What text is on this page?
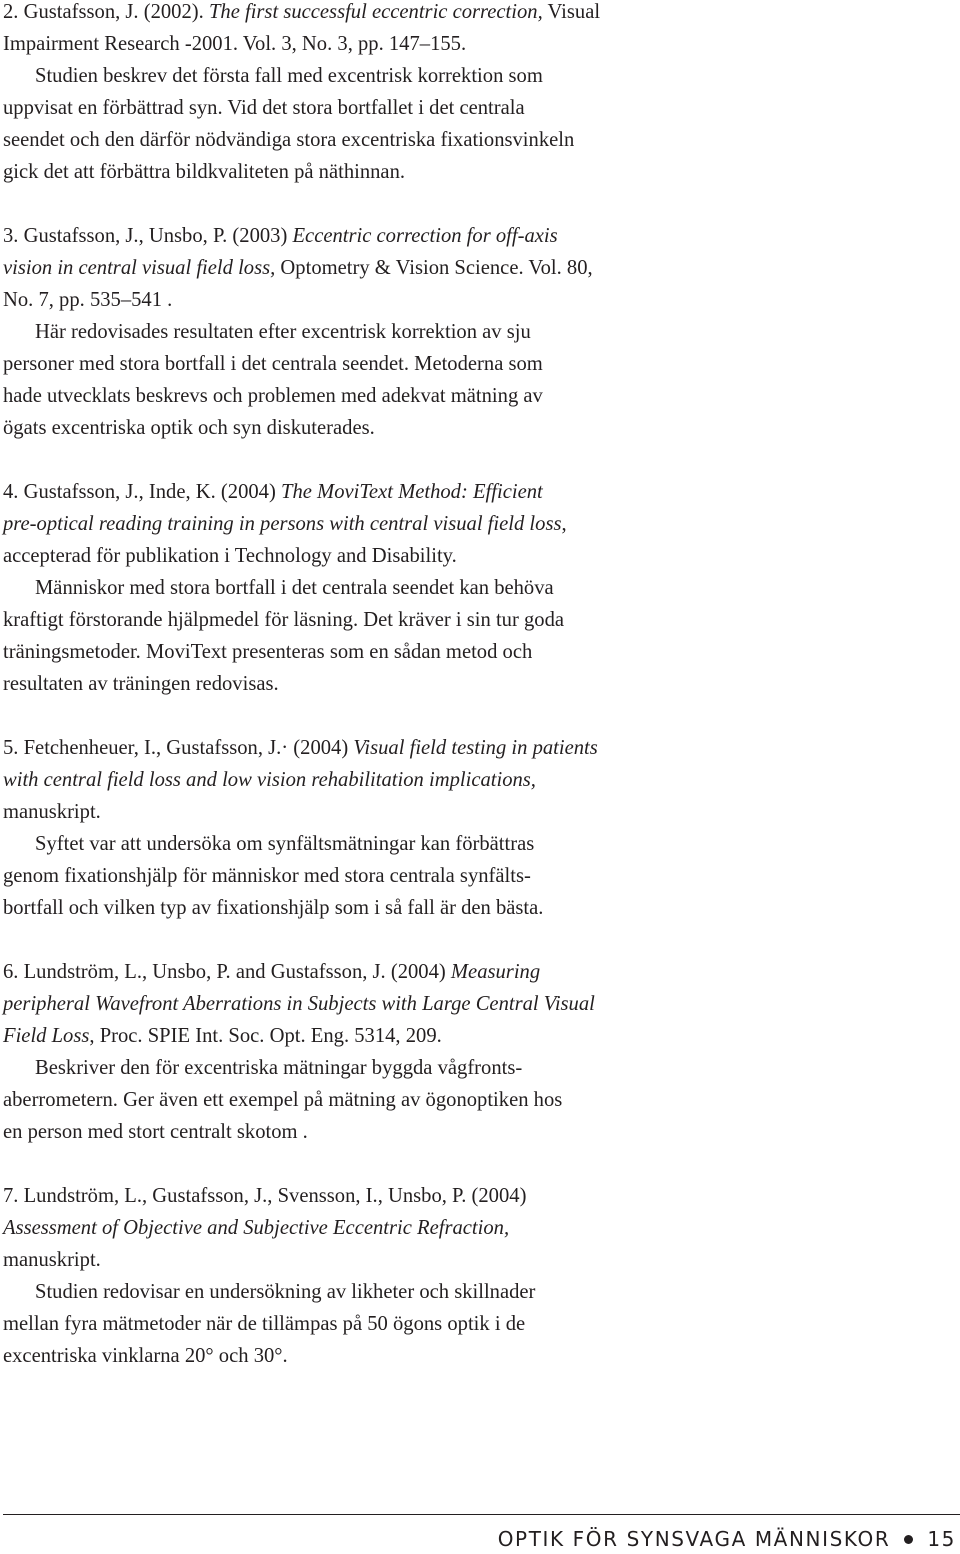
2. Gustafsson, J. (2002). The first successful eccentric correction, Visual
Impairment Research -2001. Vol. 3, No. 3, pp. 147–155.
Studien beskrev det första fall med excentrisk korrektion som
uppvisat en förbättrad syn. Vid det stora bortfallet i det centrala
seendet och den därför nödvändiga stora excentriska fixationsvinkeln
gick det att förbättra bildkvaliteten på näthinnan.
3. Gustafsson, J., Unsbo, P. (2003) Eccentric correction for off-axis
vision in central visual field loss, Optometry & Vision Science. Vol. 80,
No. 7, pp. 535–541 .
Här redovisades resultaten efter excentrisk korrektion av sju
personer med stora bortfall i det centrala seendet. Metoderna som
hade utvecklats beskrevs och problemen med adekvat mätning av
ögats excentriska optik och syn diskuterades.
4. Gustafsson, J., Inde, K. (2004) The MoviText Method: Efficient
pre-optical reading training in persons with central visual field loss,
accepterad för publikation i Technology and Disability.
Människor med stora bortfall i det centrala seendet kan behöva
kraftigt förstorande hjälpmedel för läsning. Det kräver i sin tur goda
träningsmetoder. MoviText presenteras som en sådan metod och
resultaten av träningen redovisas.
5. Fetchenheuer, I., Gustafsson, J.· (2004) Visual field testing in patients
with central field loss and low vision rehabilitation implications,
manuskript.
Syftet var att undersöka om synfältsmätningar kan förbättras
genom fixationshjälp för människor med stora centrala synfälts-
bortfall och vilken typ av fixationshjälp som i så fall är den bästa.
6. Lundström, L., Unsbo, P. and Gustafsson, J. (2004) Measuring
peripheral Wavefront Aberrations in Subjects with Large Central Visual
Field Loss, Proc. SPIE Int. Soc. Opt. Eng. 5314, 209.
Beskriver den för excentriska mätningar byggda vågfronts-
aberrometern. Ger även ett exempel på mätning av ögonoptiken hos
en person med stort centralt skotom .
7. Lundström, L., Gustafsson, J., Svensson, I., Unsbo, P. (2004)
Assessment of Objective and Subjective Eccentric Refraction,
manuskript.
Studien redovisar en undersökning av likheter och skillnader
mellan fyra mätmetoder när de tillämpas på 50 ögons optik i de
excentriska vinklarna 20° och 30°.
OPTIK FÖR SYNSVAGA MÄNNISKOR 15
